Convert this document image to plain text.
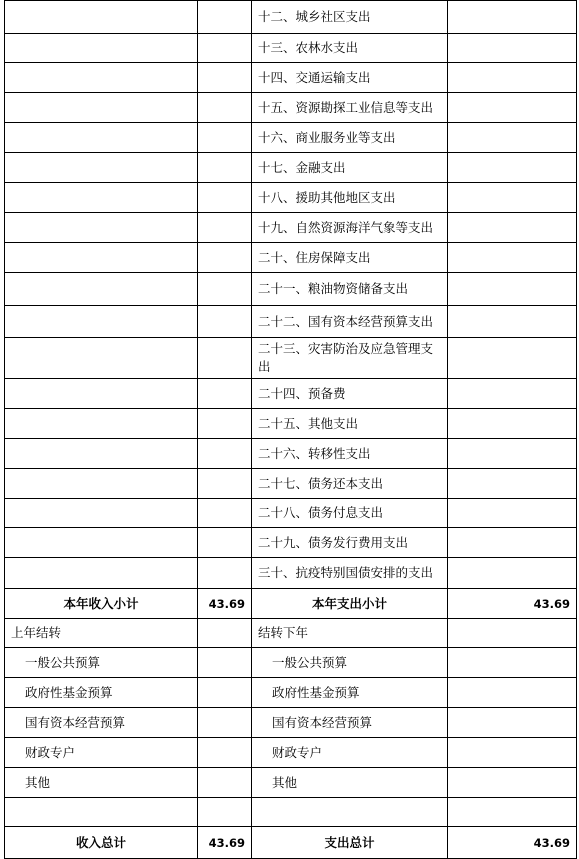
		十二、城乡社区支出	
		十三、农林水支出	
		十四、交通运输支出	
		十五、资源勘探工业信息等支出	
		十六、商业服务业等支出	
		十七、金融支出	
		十八、援助其他地区支出	
		十九、自然资源海洋气象等支出	
		二十、住房保障支出	
		二十一、粮油物资储备支出	
		二十二、国有资本经营预算支出	
		二十三、灾害防治及应急管理支出	
		二十四、预备费	
		二十五、其他支出	
		二十六、转移性支出	
		二十七、债务还本支出	
		二十八、债务付息支出	
		二十九、债务发行费用支出	
		三十、抗疫特别国债安排的支出	
本年收入小计	43.69	本年支出小计	43.69
上年结转		结转下年	
一般公共预算		一般公共预算	
政府性基金预算		政府性基金预算	
国有资本经营预算		国有资本经营预算	
财政专户		财政专户	
其他		其他	

收入总计	43.69	支出总计	43.69
